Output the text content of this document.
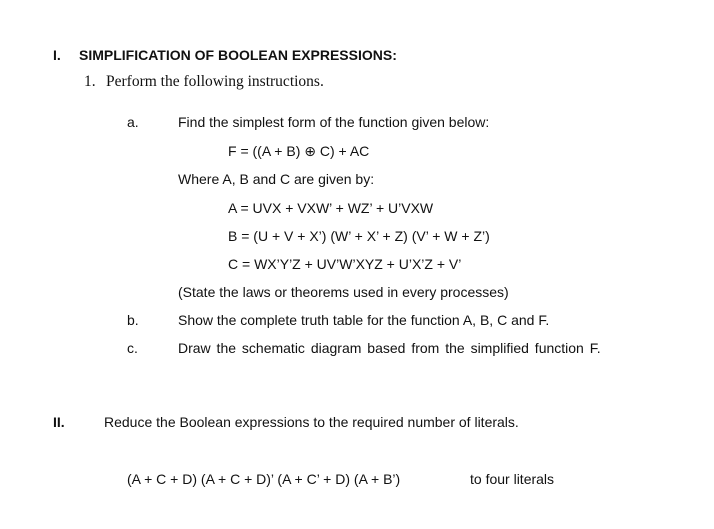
I. SIMPLIFICATION OF BOOLEAN EXPRESSIONS:
1. Perform the following instructions.
a.	Find the simplest form of the function given below:
F = ((A + B) ⊕ C) + AC
Where A, B and C are given by:
A = UVX + VXW’ + WZ’ + U’VXW
B = (U + V + X’) (W’ + X’ + Z) (V’ + W + Z’)
C = WX’Y’Z + UV’W’XYZ + U’X’Z + V’
(State the laws or theorems used in every processes)
b.	Show the complete truth table for the function A, B, C and F.
c.	Draw the schematic diagram based from the simplified function F.
II.	Reduce the Boolean expressions to the required number of literals.
(A + C + D) (A + C + D)’ (A + C’ + D) (A + B’)	to four literals
